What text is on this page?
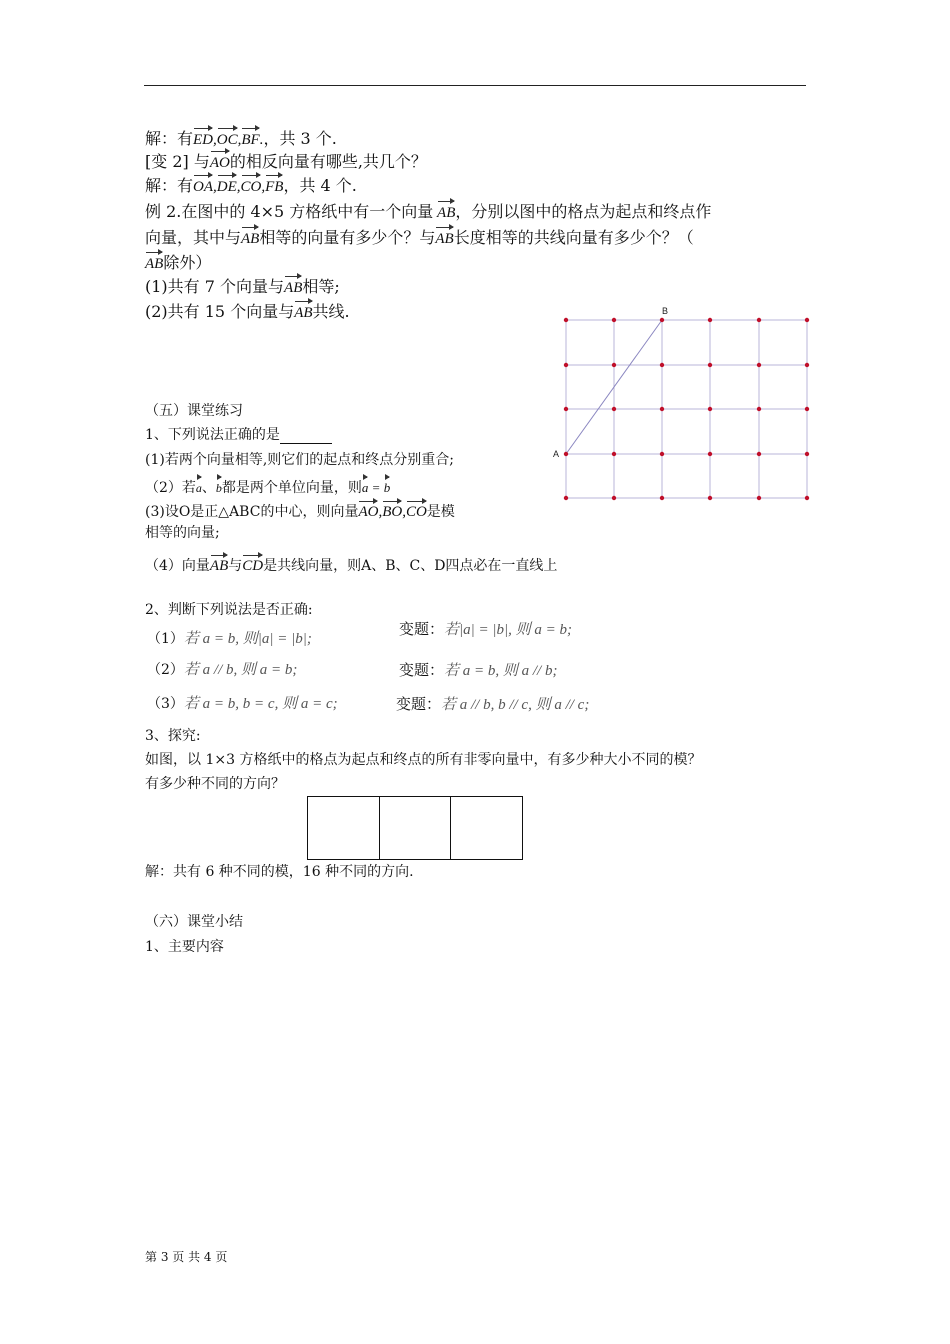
解：有ED,OC,BF.，共 3 个.
[变 2] 与AO的相反向量有哪些,共几个？
解：有OA,DE,CO,FB，共 4 个.
例 2.在图中的 4×5 方格纸中有一个向量 AB，分别以图中的格点为起点和终点作
向量，其中与AB相等的向量有多少个？与AB长度相等的共线向量有多少个？（
AB除外）
(1)共有 7 个向量与AB相等;
(2)共有 15 个向量与AB共线.
A
B
（五）课堂练习
1、下列说法正确的是
(1)若两个向量相等,则它们的起点和终点分别重合;
（2）若a、b都是两个单位向量，则a = b
(3)设O是正△ABC的中心，则向量AO,BO,CO是模
相等的向量;
（4）向量AB与CD是共线向量，则A、B、C、D四点必在一直线上
2、判断下列说法是否正确:
（1）若 a = b, 则|a| = |b|;
（2）若 a // b, 则 a = b;
（3）若 a = b, b = c, 则 a = c;
变题：若|a| = |b|, 则 a = b;
变题：若 a = b, 则 a // b;
变题：若 a // b, b // c, 则 a // c;
3、探究:
如图，以 1×3 方格纸中的格点为起点和终点的所有非零向量中，有多少种大小不同的模？
有多少种不同的方向？
解：共有 6 种不同的模，16 种不同的方向.
（六）课堂小结
1、主要内容
第 3 页 共 4 页
